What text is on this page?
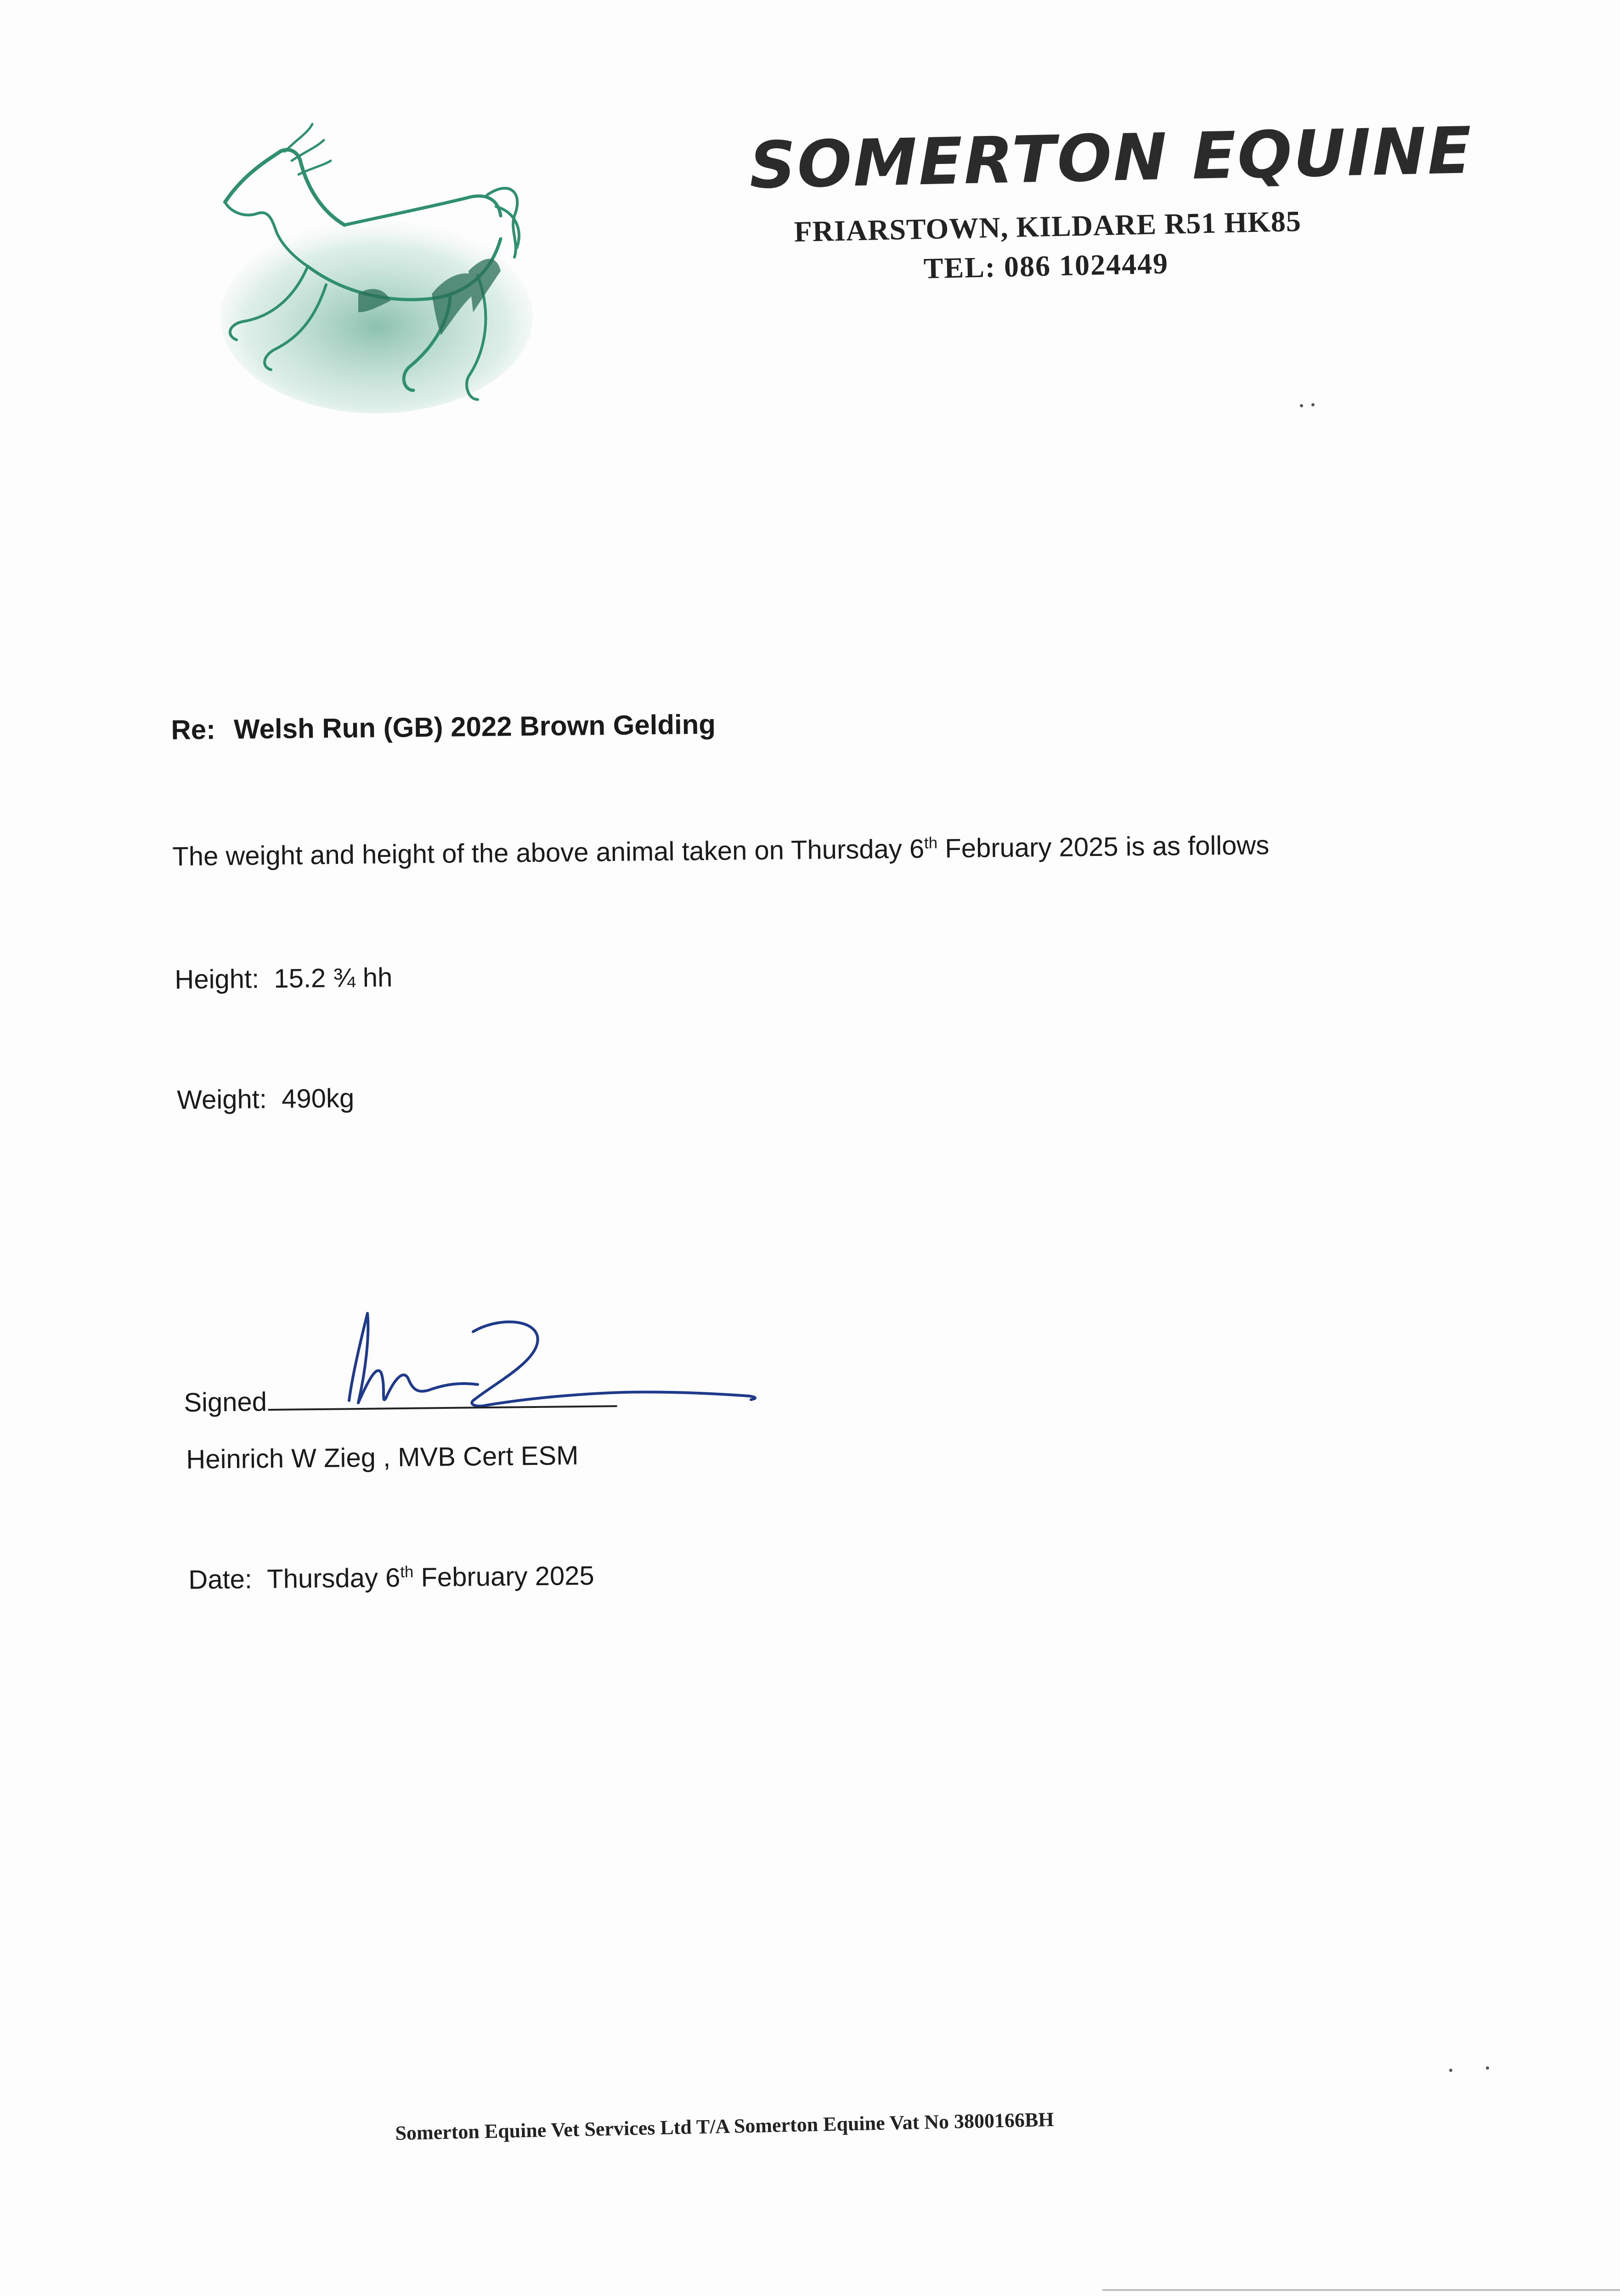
SOMERTON EQUINE
FRIARSTOWN, KILDARE R51 HK85
TEL: 086 1024449
Re: Welsh Run (GB) 2022 Brown Gelding
The weight and height of the above animal taken on Thursday 6th February 2025 is as follows
Height: 15.2 ¾ hh
Weight: 490kg
Signed
Heinrich W Zieg , MVB Cert ESM
Date: Thursday 6th February 2025
Somerton Equine Vet Services Ltd T/A Somerton Equine Vat No 3800166BH
